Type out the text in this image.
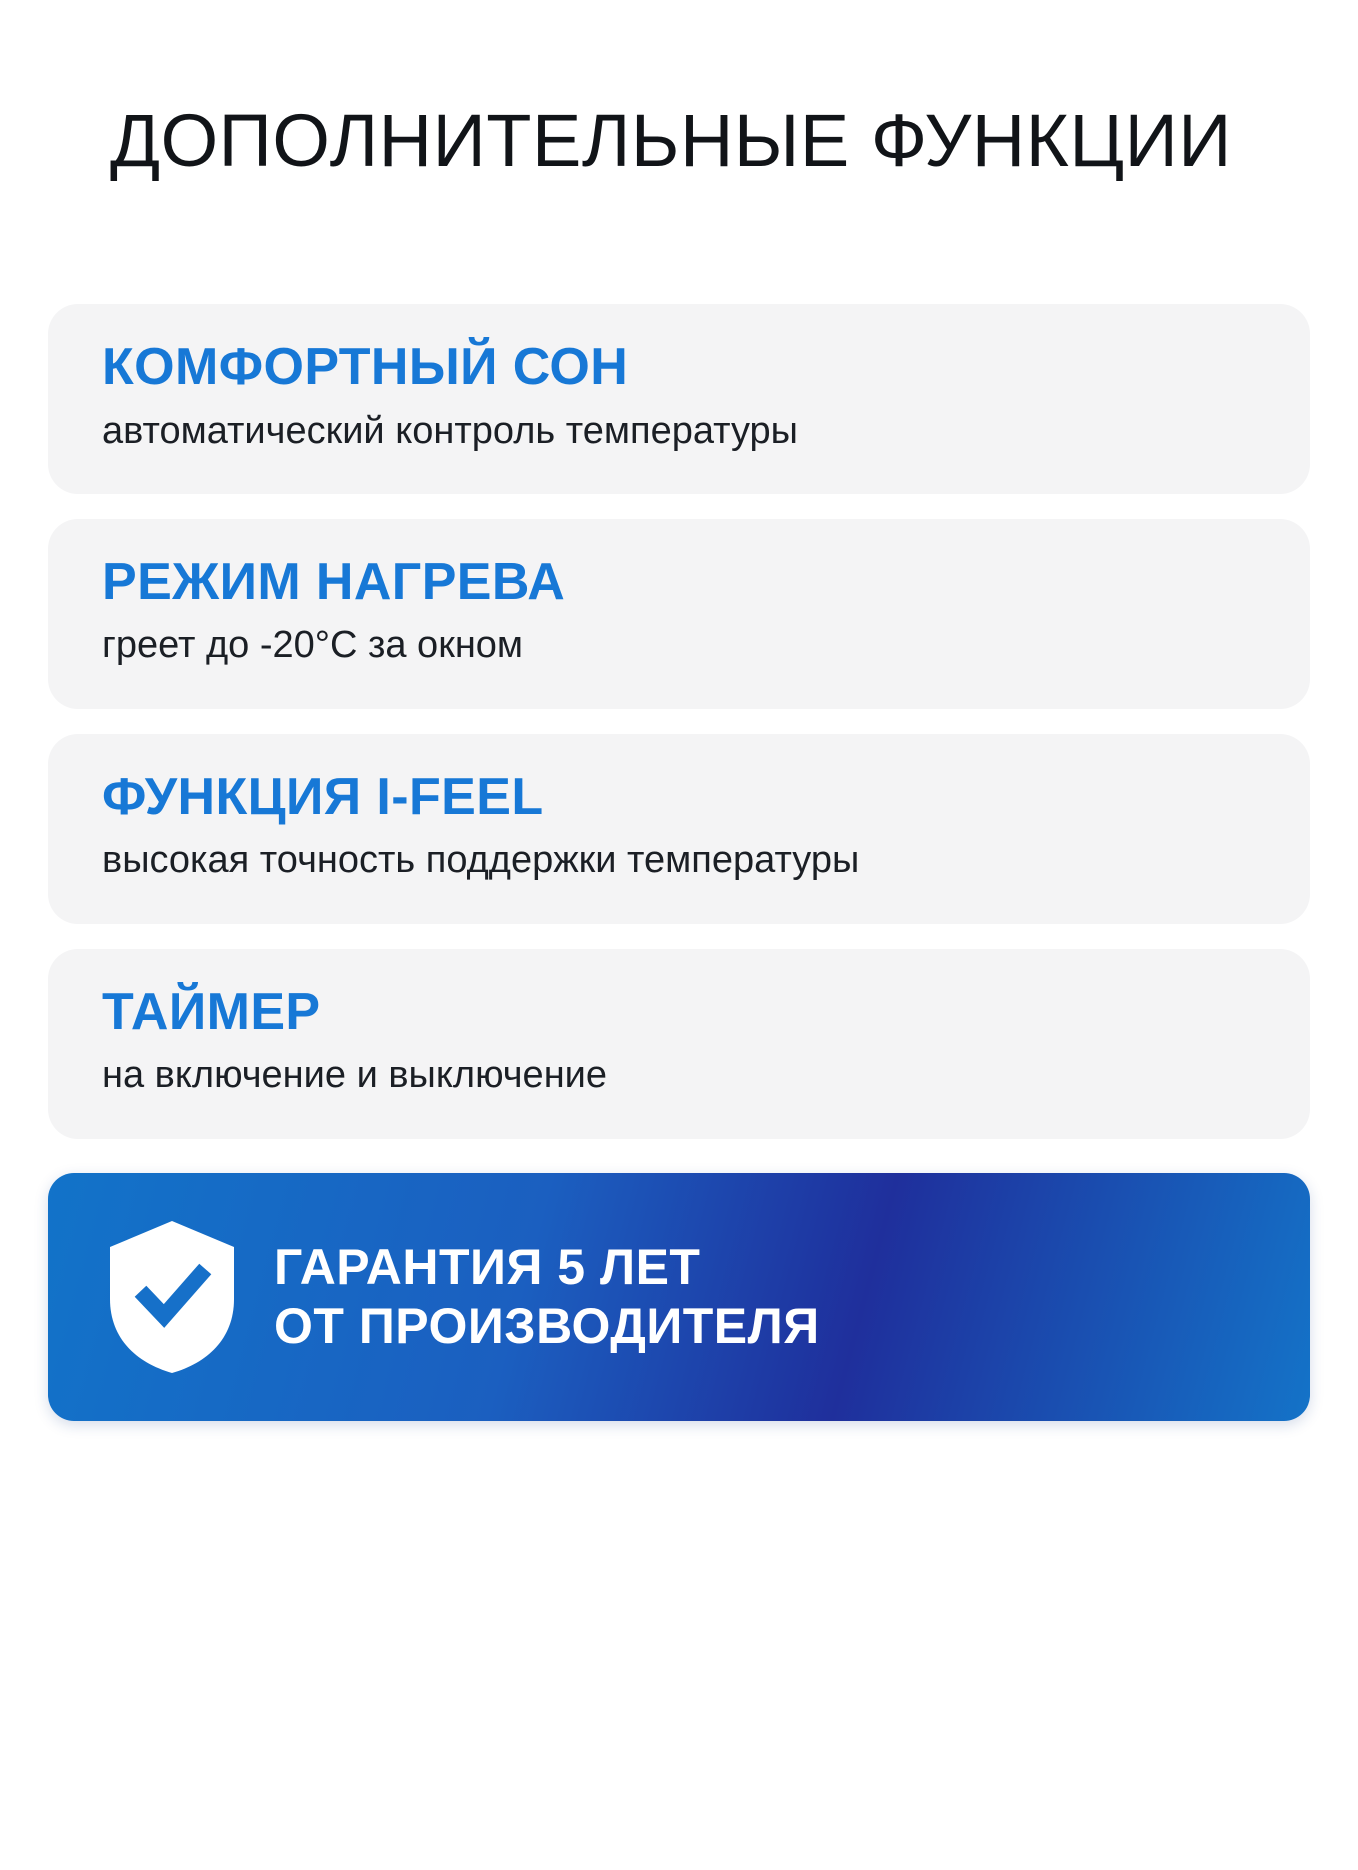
ДОПОЛНИТЕЛЬНЫЕ ФУНКЦИИ

КОМФОРТНЫЙ СОН

автоматический контроль температуры

РЕЖИМ НАГРЕВА

греет до -20°C за окном

ФУНКЦИЯ I-FEEL

высокая точность поддержки температуры

ТАЙМЕР

на включение и выключение

ГАРАНТИЯ 5 ЛЕТ
ОТ ПРОИЗВОДИТЕЛЯ
